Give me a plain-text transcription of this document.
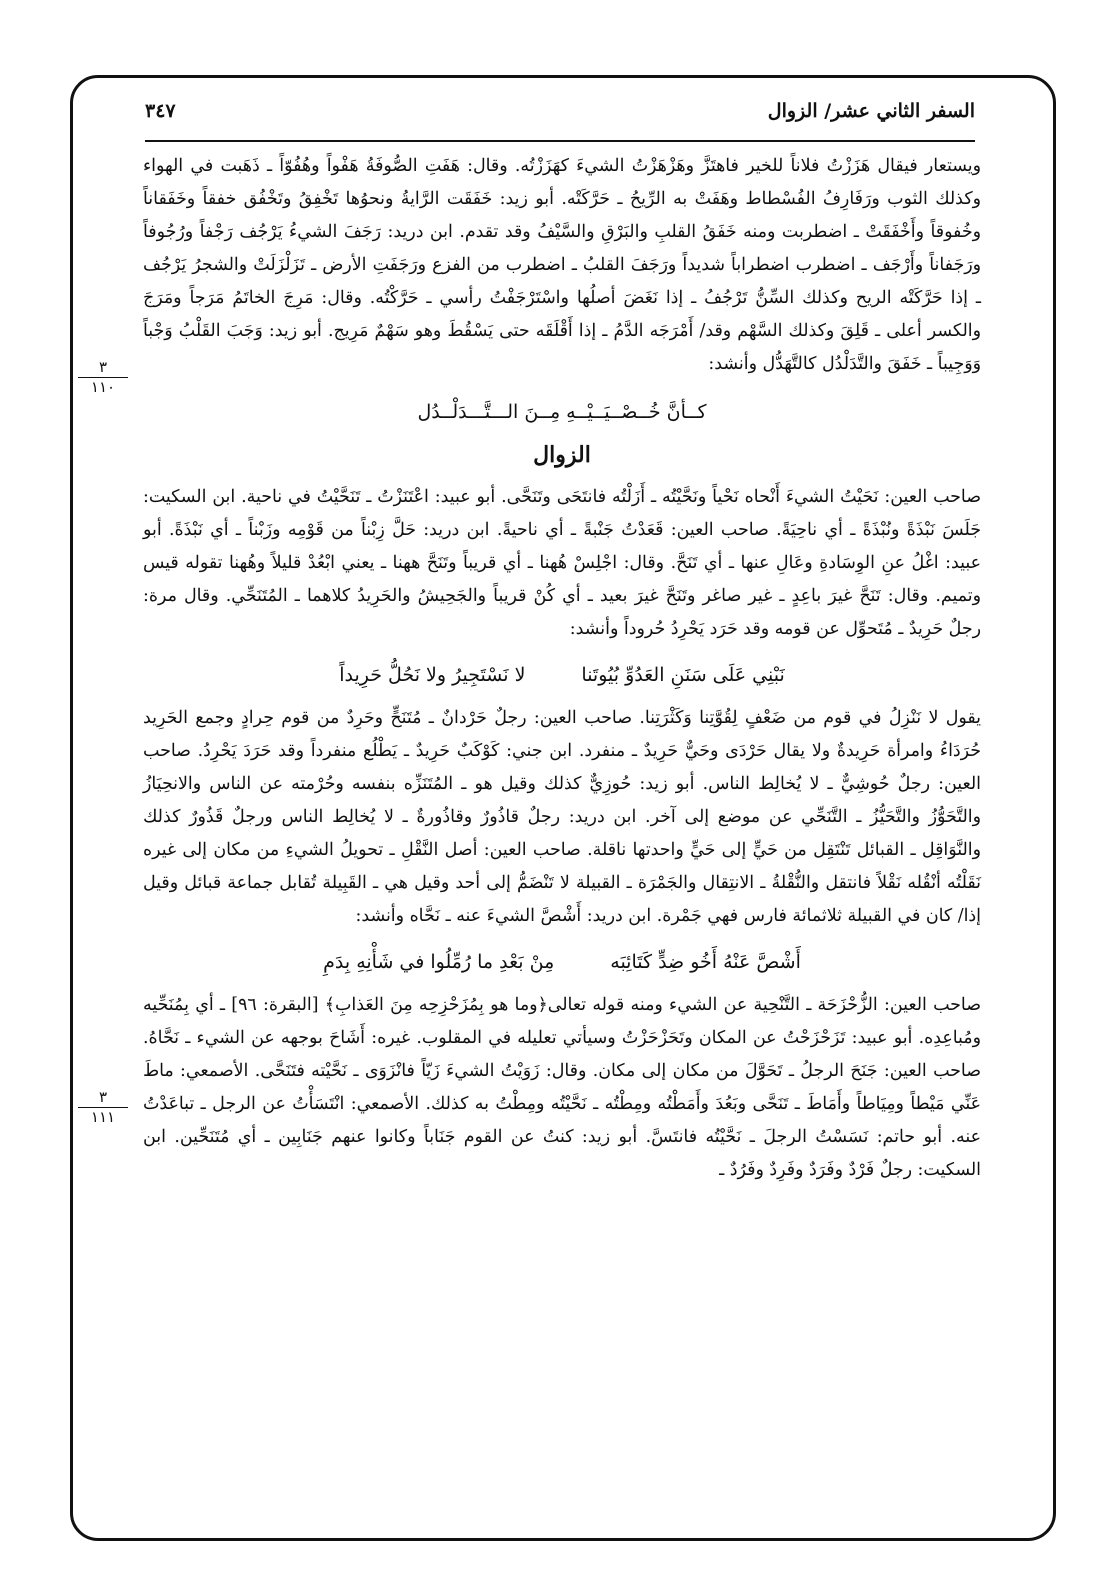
السفر الثاني عشر/ الزوال
٣٤٧
٣
١١٠
٣
١١١

ويستعار فيقال هَزَزْتُ فلاناً للخير فاهتَزَّ وهَزْهَزْتُ الشيءَ كهَزَزْتُه. وقال: هَفَتِ الصُّوفَةُ هَفْواً وهُفُوّاً ـ ذَهَبت في الهواء وكذلك الثوب ورَفَارِفُ الفُسْطاط وهَفَتْ به الرِّيحُ ـ حَرَّكَتْه. أبو زيد: خَفَقَت الرَّايةُ ونحوُها تَخْفِقُ وتَخْفُق خفقاً وخَفَقاناً وخُفوقاً وأَخْفَقَتْ ـ اضطربت ومنه خَفَقُ القلبِ والبَرْقِ والسَّيْفُ وقد تقدم. ابن دريد: رَجَفَ الشيءُ يَرْجُف رَجْفاً ورُجُوفاً ورَجَفاناً وأَرْجَف ـ اضطرب اضطراباً شديداً ورَجَفَ القلبُ ـ اضطرب من الفزع ورَجَفَتِ الأرض ـ تَزَلْزَلَتْ والشجرُ يَرْجُف ـ إذا حَرَّكَتْه الريح وكذلك السِّنُّ تَرْجُفُ ـ إذا نَغَضَ أصلُها واسْتَرْجَفْتُ رأسي ـ حَرَّكْتُه. وقال: مَرِجَ الخاتَمُ مَرَجاً ومَرَجَ والكسر أعلى ـ قَلِقَ وكذلك السَّهْم وقد/ أَمْرَجَه الدَّمُ ـ إذا أَقْلَقَه حتى يَسْقُطَ وهو سَهْمٌ مَرِيج. أبو زيد: وَجَبَ القَلْبُ وَجْباً وَوَجِيباً ـ خَفَقَ والتَّدَلْدُل كالتَّهَدُّل وأنشد:

كــأنَّ خُــصْــيَــيْــهِ مِــنَ الـــتَّـــدَلْــدُل
الزوال

صاحب العين: نَحَيْتُ الشيءَ أَنْحاه نَحْياً ونَحَّيْتُه ـ أَزَلْتُه فانتَحَى وتَنَحَّى. أبو عبيد: اعْتَنَزْتُ ـ تَنَحَّيْتُ في ناحية. ابن السكيت: جَلَسَ نَبْذَةً ونُبْذَةً ـ أي ناحِيَةً. صاحب العين: قَعَدْتُ جَنْبةً ـ أي ناحيةً. ابن دريد: حَلَّ زِبْناً من قَوْمِه وزَبْناً ـ أي نَبْذَةً. أبو عبيد: اغْلُ عنِ الوِسَادةِ وعَالِ عنها ـ أي تَنَحَّ. وقال: اجْلِسْ هُهنا ـ أي قريباً وتَنَحَّ ههنا ـ يعني ابْعُدْ قليلاً وهُهنا تقوله قيس وتميم. وقال: تَنَحَّ غيرَ باعِدٍ ـ غير صاغر وتَنَحَّ غيرَ بعيد ـ أي كُنْ قريباً والجَحِيشُ والحَرِيدُ كلاهما ـ المُتَنَحِّي. وقال مرة: رجلٌ حَرِيدٌ ـ مُتَحوِّل عن قومه وقد حَرَد يَحْرِدُ حُروداً وأنشد:

نَبْنِي عَلَى سَنَنِ العَدُوِّ بُيُوتَنا
لا نَسْتَجِيرُ ولا نَحُلُّ حَرِيداً

يقول لا نَنْزِلُ في قوم من ضَعْفٍ لِقُوَّتِنا وَكَثْرَتِنا. صاحب العين: رجلٌ حَرْدانٌ ـ مُتَنَحٍّ وحَرِدٌ من قوم حِرادٍ وجمع الحَرِيد حُرَدَاءُ وامرأة حَرِيدةٌ ولا يقال حَرْدَى وحَيٌّ حَرِيدٌ ـ منفرد. ابن جني: كَوْكَبٌ حَرِيدٌ ـ يَطْلُع منفرداً وقد حَرَدَ يَحْرِدُ. صاحب العين: رجلٌ حُوشِيٌّ ـ لا يُخالِط الناس. أبو زيد: حُوزِيٌّ كذلك وقيل هو ـ المُتَنَزِّه بنفسه وحُرْمته عن الناس والانحِيَازُ والتَّحَوُّزُ والتَّحَيُّزُ ـ التَّنَحِّي عن موضع إلى آخر. ابن دريد: رجلٌ قاذُورٌ وقاذُورةٌ ـ لا يُخالِط الناس ورجلٌ قَذُورٌ كذلك والنَّوَاقِل ـ القبائل تَنْتَقِل من حَيٍّ إلى حَيٍّ واحدتها ناقلة. صاحب العين: أصل النَّقْلِ ـ تحويلُ الشيءِ من مكان إلى غيره نَقَلْتُه أنْقُله نَقْلاً فانتقل والنُّقْلةُ ـ الانتِقال والجَمْرَة ـ القبيلة لا تَنْضَمُّ إلى أحد وقيل هي ـ القَبِيلة تُقابل جماعة قبائل وقيل إذا/ كان في القبيلة ثلاثمائة فارس فهي جَمْرة. ابن دريد: أَشْصَّ الشيءَ عنه ـ نَحَّاه وأنشد:

أَشْصَّ عَنْهُ أَخُو ضِدٍّ كَتَائِبَه
مِنْ بَعْدِ ما رُمِّلُوا في شَأْنِهِ بِدَمِ

صاحب العين: الزُّحْزَحَة ـ التَّنْحِية عن الشيء ومنه قوله تعالى﴿وما هو بِمُزَحْزِحِه مِنَ العَذابِ﴾ [البقرة: ٩٦] ـ أي بِمُنَحِّيه ومُباعِدِه. أبو عبيد: تَزَحْزَحْتُ عن المكان وتَحَزْحَزْتُ وسيأتي تعليله في المقلوب. غيره: أَشَاحَ بوجهه عن الشيء ـ نَحَّاهُ. صاحب العين: جَنَحَ الرجلُ ـ تَحَوَّلَ من مكان إلى مكان. وقال: زَوَيْتُ الشيءَ زَيّاً فانْزَوَى ـ نَحَّيْته فتَنَحَّى. الأصمعي: ماطَ عَنِّي مَيْطاً ومِيَاطاً وأَمَاطَ ـ تَنَحَّى وبَعُدَ وأَمَطْتُه ومِطْتُه ـ نَحَّيْتُه ومِطْتُ به كذلك. الأصمعي: انْتَسَأْتُ عن الرجل ـ تباعَدْتُ عنه. أبو حاتم: نَسَسْتُ الرجلَ ـ نَحَّيْتُه فانتَسَّ. أبو زيد: كنتُ عن القوم جَنَاباً وكانوا عنهم جَنَابِين ـ أي مُتَنَحِّين. ابن السكيت: رجلٌ فَرْدٌ وفَرَدٌ وفَرِدٌ وفَرُدٌ ـ
